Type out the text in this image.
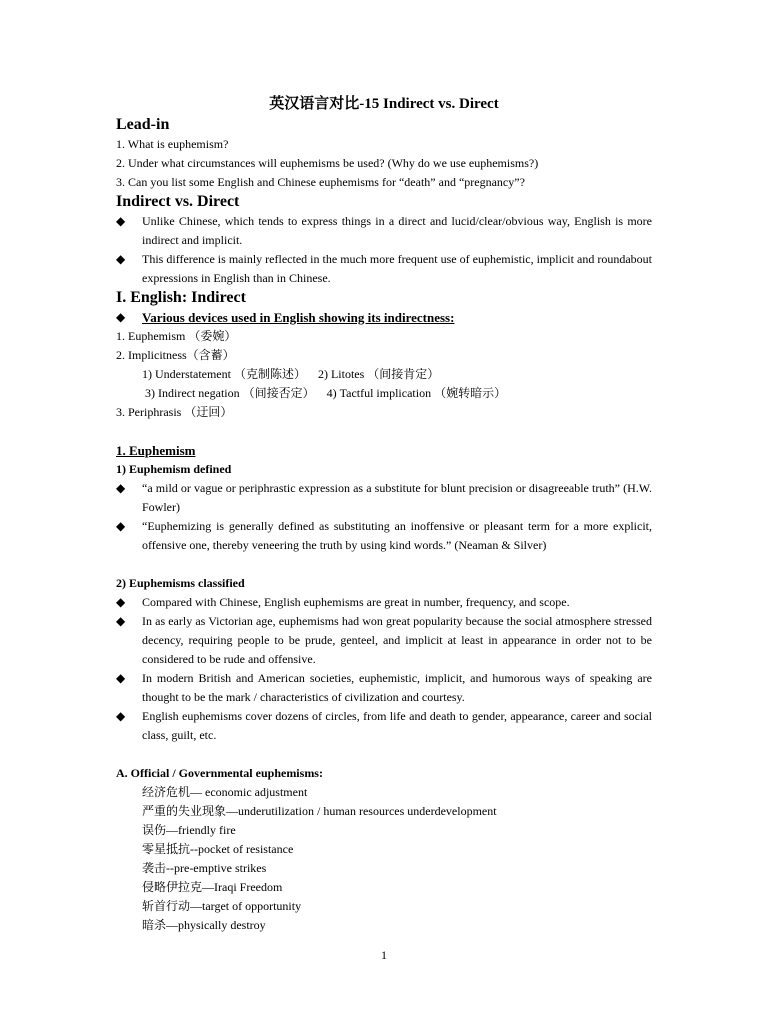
英汉语言对比-15 Indirect vs. Direct

Lead-in

1. What is euphemism?

2. Under what circumstances will euphemisms be used? (Why do we use euphemisms?)

3. Can you list some English and Chinese euphemisms for “death” and “pregnancy”?

Indirect vs. Direct

◆	Unlike Chinese, which tends to express things in a direct and lucid/clear/obvious way, English is more indirect and implicit.
◆	This difference is mainly reflected in the much more frequent use of euphemistic, implicit and roundabout expressions in English than in Chinese.

I. English: Indirect

◆	Various devices used in English showing its indirectness:

1. Euphemism （委婉）

2. Implicitness（含蓄）

1) Understatement （克制陈述）    2) Litotes （间接肯定）
3) Indirect negation （间接否定）    4) Tactful implication （婉转暗示）

3. Periphrasis （迂回）

1. Euphemism

1) Euphemism defined

◆	“a mild or vague or periphrastic expression as a substitute for blunt precision or disagreeable truth” (H.W. Fowler)
◆	“Euphemizing is generally defined as substituting an inoffensive or pleasant term for a more explicit, offensive one, thereby veneering the truth by using kind words.” (Neaman & Silver)

2) Euphemisms classified

◆	Compared with Chinese, English euphemisms are great in number, frequency, and scope.
◆	In as early as Victorian age, euphemisms had won great popularity because the social atmosphere stressed decency, requiring people to be prude, genteel, and implicit at least in appearance in order not to be considered to be rude and offensive.
◆	In modern British and American societies, euphemistic, implicit, and humorous ways of speaking are thought to be the mark / characteristics of civilization and courtesy.
◆	English euphemisms cover dozens of circles, from life and death to gender, appearance, career and social class, guilt, etc.

A. Official / Governmental euphemisms:

经济危机— economic adjustment
严重的失业现象—underutilization / human resources underdevelopment
误伤—friendly fire
零星抵抗--pocket of resistance
袭击--pre-emptive strikes
侵略伊拉克—Iraqi Freedom
斩首行动—target of opportunity
暗杀—physically destroy
1
